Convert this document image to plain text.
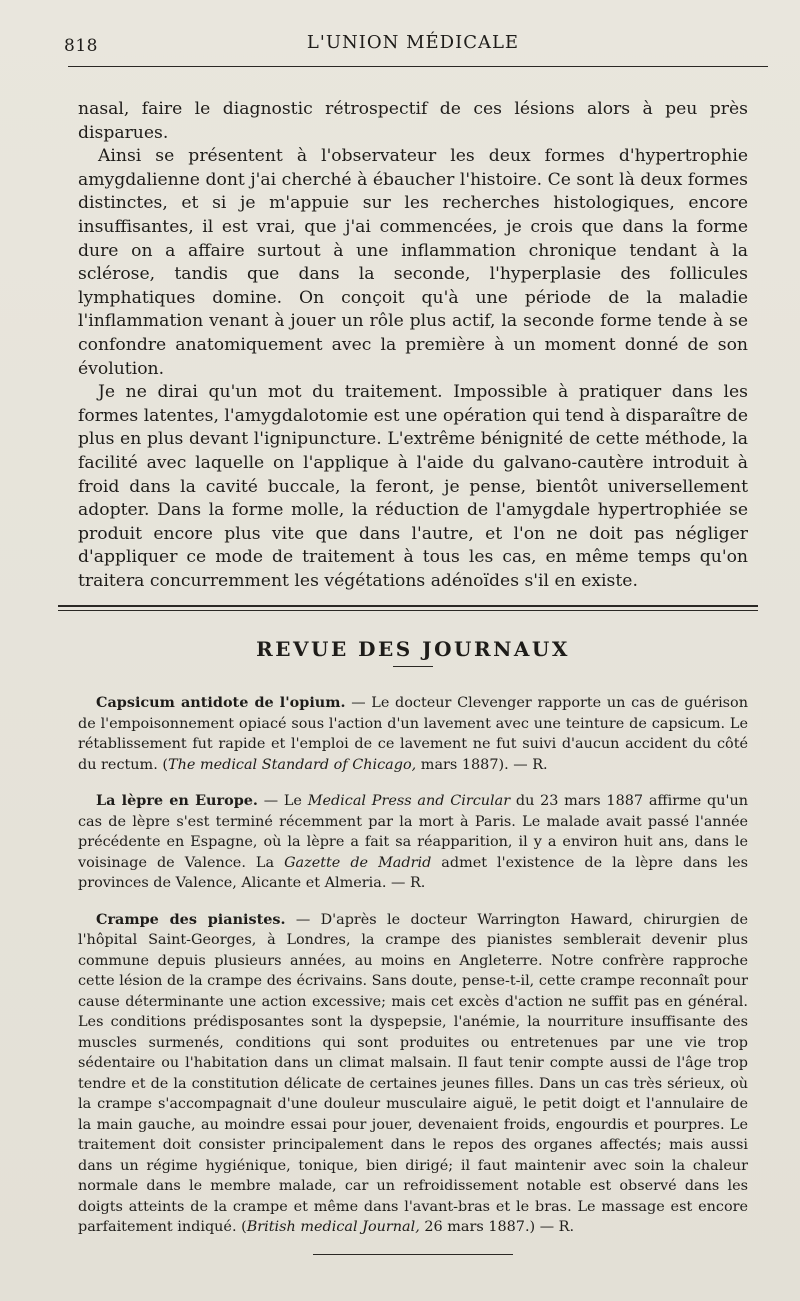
818	L'UNION MÉDICALE

nasal, faire le diagnostic rétrospectif de ces lésions alors à peu près disparues.

Ainsi se présentent à l'observateur les deux formes d'hypertrophie amygdalienne dont j'ai cherché à ébaucher l'histoire. Ce sont là deux formes distinctes, et si je m'appuie sur les recherches histologiques, encore insuffisantes, il est vrai, que j'ai commencées, je crois que dans la forme dure on a affaire surtout à une inflammation chronique tendant à la sclérose, tandis que dans la seconde, l'hyperplasie des follicules lymphatiques domine. On conçoit qu'à une période de la maladie l'inflammation venant à jouer un rôle plus actif, la seconde forme tende à se confondre anatomiquement avec la première à un moment donné de son évolution.

Je ne dirai qu'un mot du traitement. Impossible à pratiquer dans les formes latentes, l'amygdalotomie est une opération qui tend à disparaître de plus en plus devant l'ignipuncture. L'extrême bénignité de cette méthode, la facilité avec laquelle on l'applique à l'aide du galvano-cautère introduit à froid dans la cavité buccale, la feront, je pense, bientôt universellement adopter. Dans la forme molle, la réduction de l'amygdale hypertrophiée se produit encore plus vite que dans l'autre, et l'on ne doit pas négliger d'appliquer ce mode de traitement à tous les cas, en même temps qu'on traitera concurremment les végétations adénoïdes s'il en existe.

REVUE DES JOURNAUX

Capsicum antidote de l'opium. — Le docteur Clevenger rapporte un cas de guérison de l'empoisonnement opiacé sous l'action d'un lavement avec une teinture de capsicum. Le rétablissement fut rapide et l'emploi de ce lavement ne fut suivi d'aucun accident du côté du rectum. (The medical Standard of Chicago, mars 1887). — R.

La lèpre en Europe. — Le Medical Press and Circular du 23 mars 1887 affirme qu'un cas de lèpre s'est terminé récemment par la mort à Paris. Le malade avait passé l'année précédente en Espagne, où la lèpre a fait sa réapparition, il y a environ huit ans, dans le voisinage de Valence. La Gazette de Madrid admet l'existence de la lèpre dans les provinces de Valence, Alicante et Almeria. — R.

Crampe des pianistes. — D'après le docteur Warrington Haward, chirurgien de l'hôpital Saint-Georges, à Londres, la crampe des pianistes semblerait devenir plus commune depuis plusieurs années, au moins en Angleterre. Notre confrère rapproche cette lésion de la crampe des écrivains. Sans doute, pense-t-il, cette crampe reconnaît pour cause déterminante une action excessive; mais cet excès d'action ne suffit pas en général. Les conditions prédisposantes sont la dyspepsie, l'anémie, la nourriture insuffisante des muscles surmenés, conditions qui sont produites ou entretenues par une vie trop sédentaire ou l'habitation dans un climat malsain. Il faut tenir compte aussi de l'âge trop tendre et de la constitution délicate de certaines jeunes filles. Dans un cas très sérieux, où la crampe s'accompagnait d'une douleur musculaire aiguë, le petit doigt et l'annulaire de la main gauche, au moindre essai pour jouer, devenaient froids, engourdis et pourpres. Le traitement doit consister principalement dans le repos des organes affectés; mais aussi dans un régime hygiénique, tonique, bien dirigé; il faut maintenir avec soin la chaleur normale dans le membre malade, car un refroidissement notable est observé dans les doigts atteints de la crampe et même dans l'avant-bras et le bras. Le massage est encore parfaitement indiqué. (British medical Journal, 26 mars 1887.) — R.
